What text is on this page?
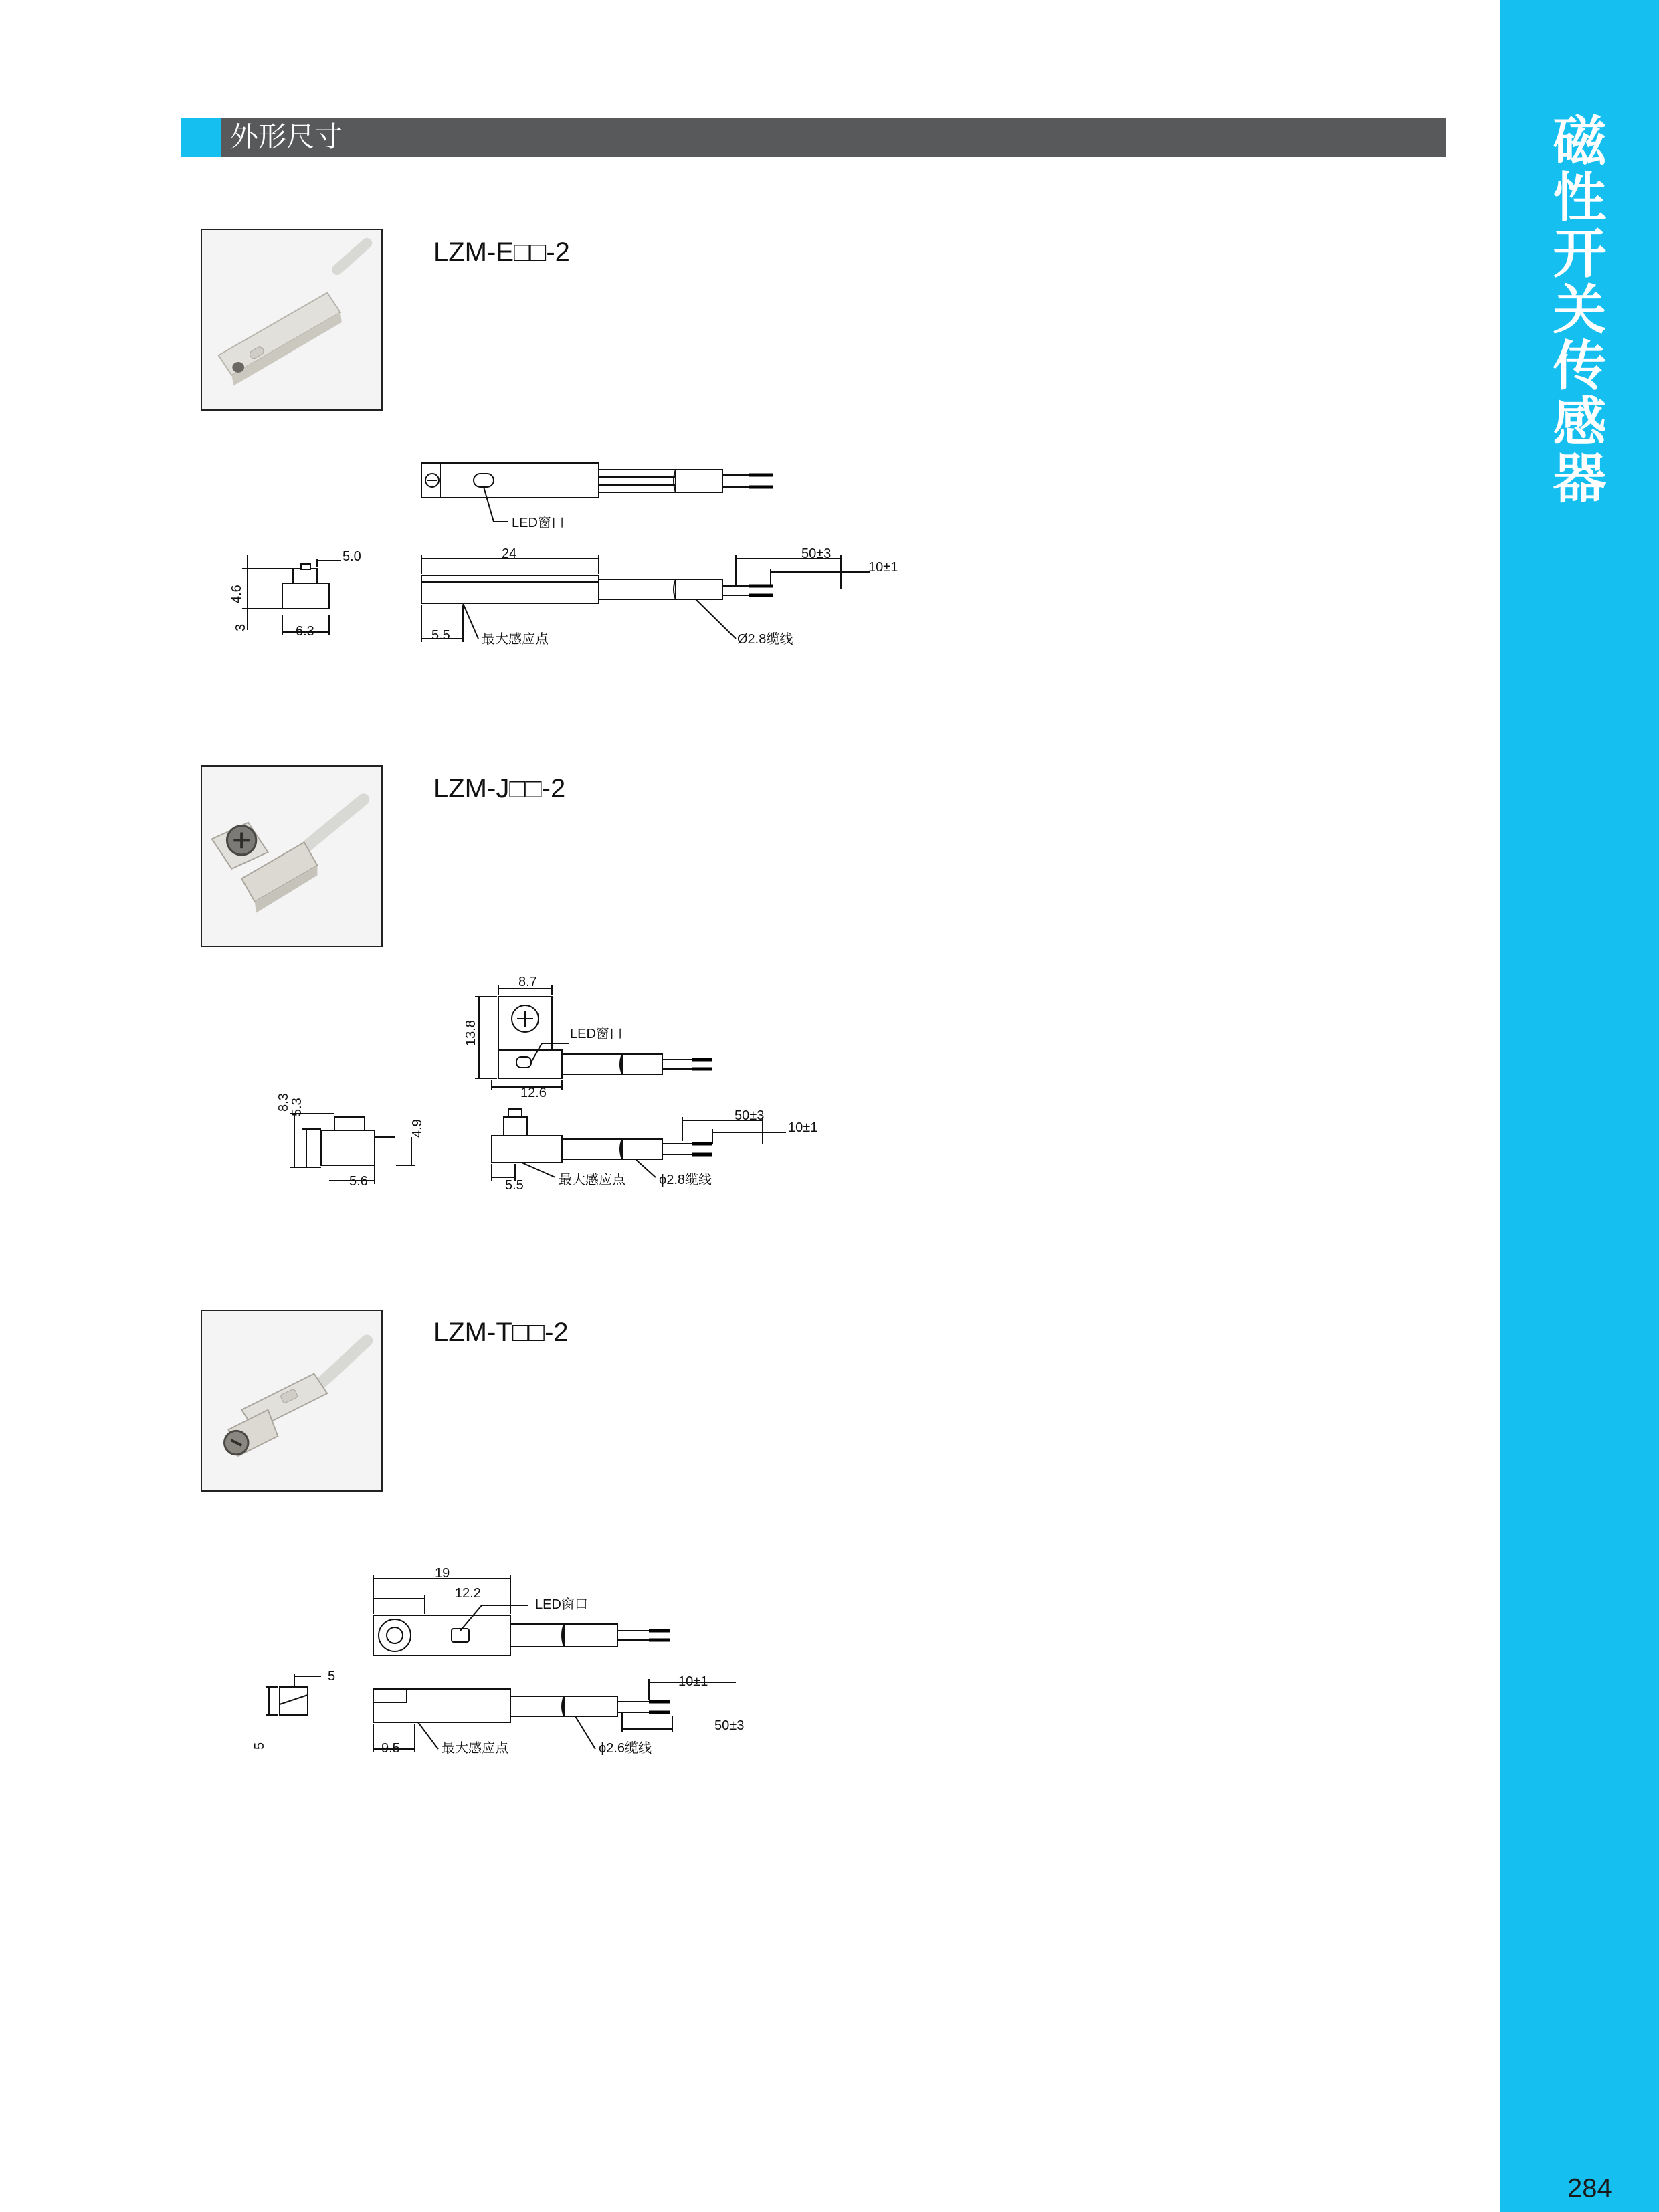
磁
性
开
关
传
感
器
284
外形尺寸
LZM-E□□-2
LED窗口
24	50±3
10±1
5.5 最大感应点	Ø2.8缆线
5.0
4.6
3	6.3
LZM-J□□-2
8.7
13.8	LED窗口
12.6
50±3
10±1
5.5	最大感应点	ϕ2.8缆线
8.3
5.3
4.9
5.6
LZM-T□□-2
19
12.2
LED窗口
10±1
50±3
9.5	最大感应点	ϕ2.6缆线
5
5
